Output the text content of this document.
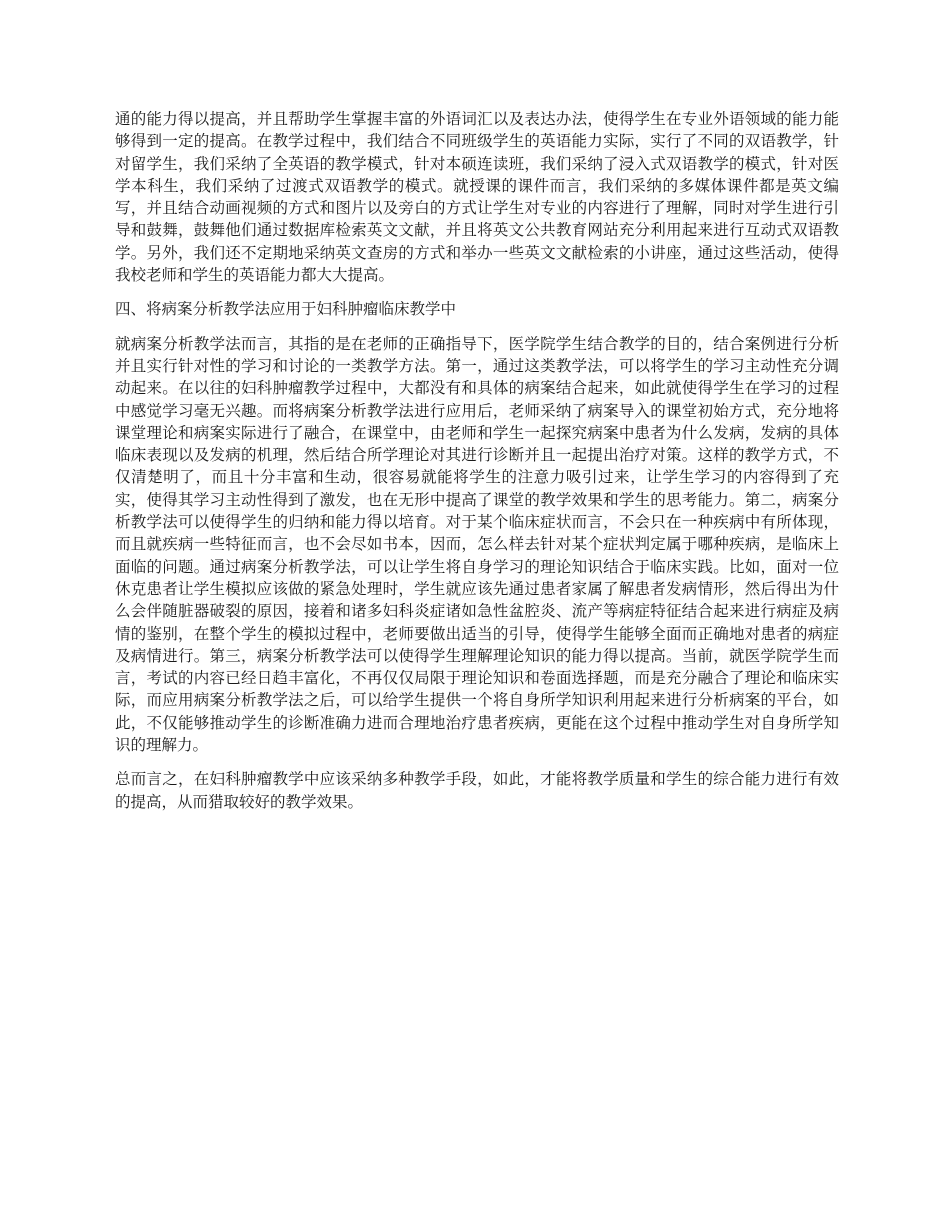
通的能力得以提高，并且帮助学生掌握丰富的外语词汇以及表达办法，使得学生在专业外语领域的能力能够得到一定的提高。在教学过程中，我们结合不同班级学生的英语能力实际，实行了不同的双语教学，针对留学生，我们采纳了全英语的教学模式，针对本硕连读班，我们采纳了浸入式双语教学的模式，针对医学本科生，我们采纳了过渡式双语教学的模式。就授课的课件而言，我们采纳的多媒体课件都是英文编写，并且结合动画视频的方式和图片以及旁白的方式让学生对专业的内容进行了理解，同时对学生进行引导和鼓舞，鼓舞他们通过数据库检索英文文献，并且将英文公共教育网站充分利用起来进行互动式双语教学。另外，我们还不定期地采纳英文查房的方式和举办一些英文文献检索的小讲座，通过这些活动，使得我校老师和学生的英语能力都大大提高。

四、将病案分析教学法应用于妇科肿瘤临床教学中

就病案分析教学法而言，其指的是在老师的正确指导下，医学院学生结合教学的目的，结合案例进行分析并且实行针对性的学习和讨论的一类教学方法。第一，通过这类教学法，可以将学生的学习主动性充分调动起来。在以往的妇科肿瘤教学过程中，大都没有和具体的病案结合起来，如此就使得学生在学习的过程中感觉学习毫无兴趣。而将病案分析教学法进行应用后，老师采纳了病案导入的课堂初始方式，充分地将课堂理论和病案实际进行了融合，在课堂中，由老师和学生一起探究病案中患者为什么发病，发病的具体临床表现以及发病的机理，然后结合所学理论对其进行诊断并且一起提出治疗对策。这样的教学方式，不仅清楚明了，而且十分丰富和生动，很容易就能将学生的注意力吸引过来，让学生学习的内容得到了充实，使得其学习主动性得到了激发，也在无形中提高了课堂的教学效果和学生的思考能力。第二，病案分析教学法可以使得学生的归纳和能力得以培育。对于某个临床症状而言，不会只在一种疾病中有所体现，而且就疾病一些特征而言，也不会尽如书本，因而，怎么样去针对某个症状判定属于哪种疾病，是临床上面临的问题。通过病案分析教学法，可以让学生将自身学习的理论知识结合于临床实践。比如，面对一位休克患者让学生模拟应该做的紧急处理时，学生就应该先通过患者家属了解患者发病情形，然后得出为什么会伴随脏器破裂的原因，接着和诸多妇科炎症诸如急性盆腔炎、流产等病症特征结合起来进行病症及病情的鉴别，在整个学生的模拟过程中，老师要做出适当的引导，使得学生能够全面而正确地对患者的病症及病情进行。第三，病案分析教学法可以使得学生理解理论知识的能力得以提高。当前，就医学院学生而言，考试的内容已经日趋丰富化，不再仅仅局限于理论知识和卷面选择题，而是充分融合了理论和临床实际，而应用病案分析教学法之后，可以给学生提供一个将自身所学知识利用起来进行分析病案的平台，如此，不仅能够推动学生的诊断准确力进而合理地治疗患者疾病，更能在这个过程中推动学生对自身所学知识的理解力。

总而言之，在妇科肿瘤教学中应该采纳多种教学手段，如此，才能将教学质量和学生的综合能力进行有效的提高，从而猎取较好的教学效果。
